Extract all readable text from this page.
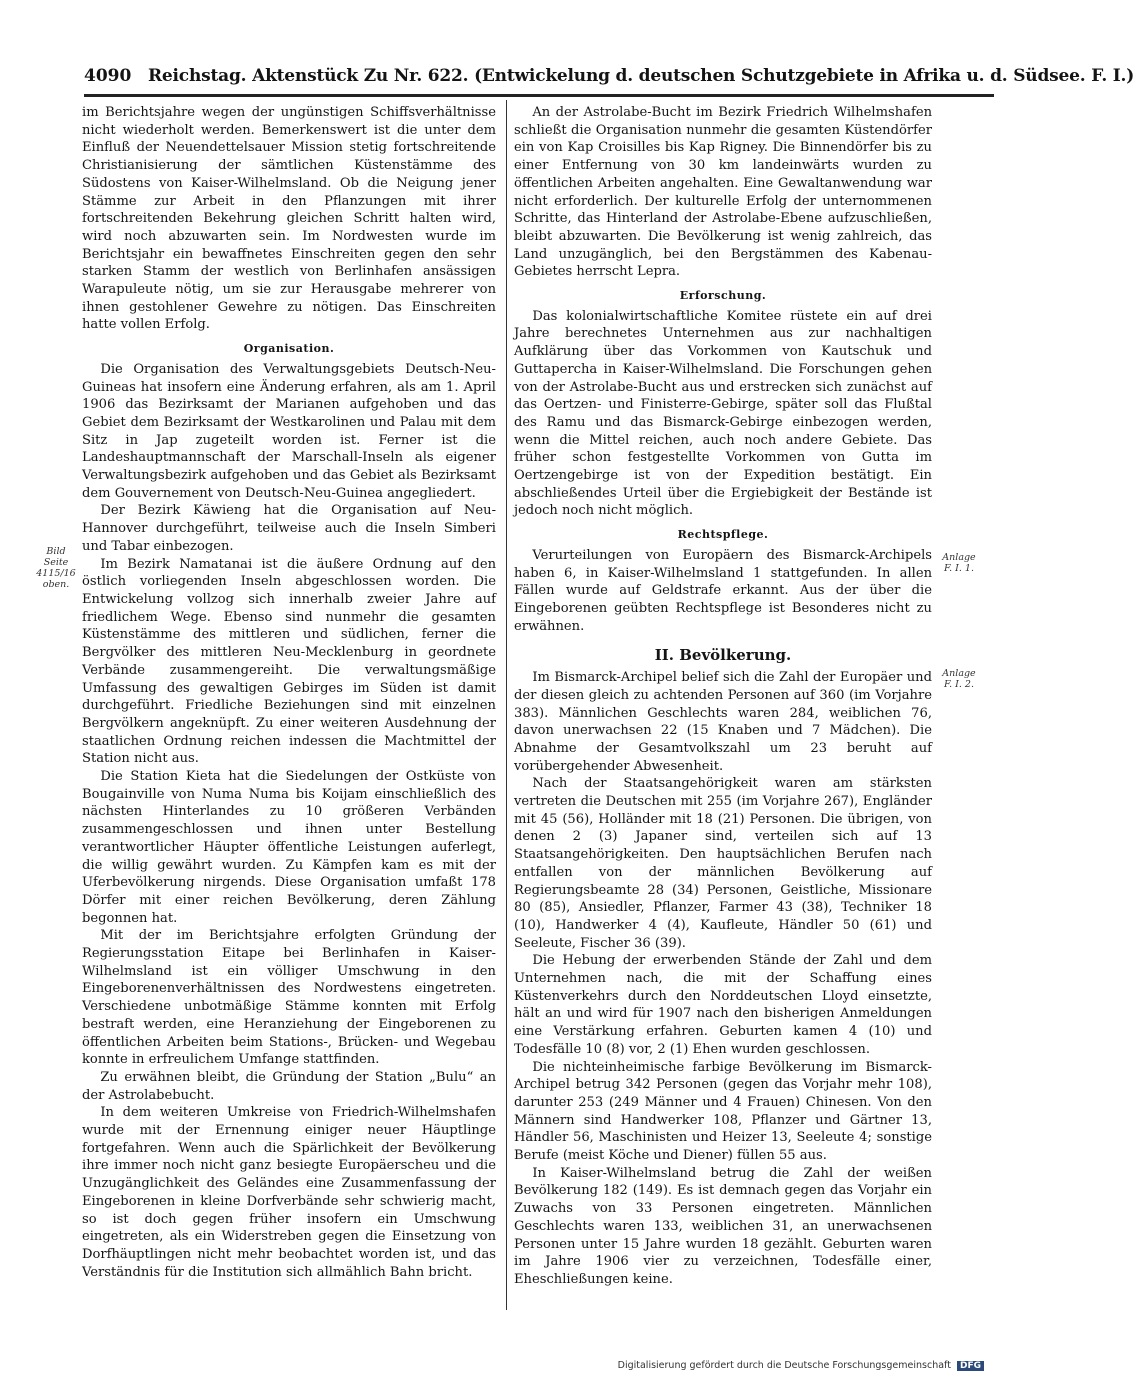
4090 Reichstag. Aktenstück Zu Nr. 622. (Entwickelung d. deutschen Schutzgebiete in Afrika u. d. Südsee. F. I.)

im Berichtsjahre wegen der ungünstigen Schiffsverhältnisse nicht wiederholt werden. Bemerkenswert ist die unter dem Einfluß der Neuendettelsauer Mission stetig fortschreitende Christianisierung der sämtlichen Küstenstämme des Südostens von Kaiser-Wilhelmsland. Ob die Neigung jener Stämme zur Arbeit in den Pflanzungen mit ihrer fortschreitenden Bekehrung gleichen Schritt halten wird, wird noch abzuwarten sein. Im Nordwesten wurde im Berichtsjahr ein bewaffnetes Einschreiten gegen den sehr starken Stamm der westlich von Berlinhafen ansässigen Warapuleute nötig, um sie zur Herausgabe mehrerer von ihnen gestohlener Gewehre zu nötigen. Das Einschreiten hatte vollen Erfolg.

Organisation.

Die Organisation des Verwaltungsgebiets Deutsch-Neu-Guineas hat insofern eine Änderung erfahren, als am 1. April 1906 das Bezirksamt der Marianen aufgehoben und das Gebiet dem Bezirksamt der Westkarolinen und Palau mit dem Sitz in Jap zugeteilt worden ist. Ferner ist die Landeshauptmannschaft der Marschall-Inseln als eigener Verwaltungsbezirk aufgehoben und das Gebiet als Bezirksamt dem Gouvernement von Deutsch-Neu-Guinea angegliedert.

Der Bezirk Käwieng hat die Organisation auf Neu-Hannover durchgeführt, teilweise auch die Inseln Simberi und Tabar einbezogen.

Im Bezirk Namatanai ist die äußere Ordnung auf den östlich vorliegenden Inseln abgeschlossen worden. Die Entwickelung vollzog sich innerhalb zweier Jahre auf friedlichem Wege. Ebenso sind nunmehr die gesamten Küstenstämme des mittleren und südlichen, ferner die Bergvölker des mittleren Neu-Mecklenburg in geordnete Verbände zusammengereiht. Die verwaltungsmäßige Umfassung des gewaltigen Gebirges im Süden ist damit durchgeführt. Friedliche Beziehungen sind mit einzelnen Bergvölkern angeknüpft. Zu einer weiteren Ausdehnung der staatlichen Ordnung reichen indessen die Machtmittel der Station nicht aus.

Die Station Kieta hat die Siedelungen der Ostküste von Bougainville von Numa Numa bis Koijam einschließlich des nächsten Hinterlandes zu 10 größeren Verbänden zusammengeschlossen und ihnen unter Bestellung verantwortlicher Häupter öffentliche Leistungen auferlegt, die willig gewährt wurden. Zu Kämpfen kam es mit der Uferbevölkerung nirgends. Diese Organisation umfaßt 178 Dörfer mit einer reichen Bevölkerung, deren Zählung begonnen hat.

Mit der im Berichtsjahre erfolgten Gründung der Regierungsstation Eitape bei Berlinhafen in Kaiser-Wilhelmsland ist ein völliger Umschwung in den Eingeborenenverhältnissen des Nordwestens eingetreten. Verschiedene unbotmäßige Stämme konnten mit Erfolg bestraft werden, eine Heranziehung der Eingeborenen zu öffentlichen Arbeiten beim Stations-, Brücken- und Wegebau konnte in erfreulichem Umfange stattfinden.

Zu erwähnen bleibt, die Gründung der Station „Bulu“ an der Astrolabebucht.

In dem weiteren Umkreise von Friedrich-Wilhelmshafen wurde mit der Ernennung einiger neuer Häuptlinge fortgefahren. Wenn auch die Spärlichkeit der Bevölkerung ihre immer noch nicht ganz besiegte Europäerscheu und die Unzugänglichkeit des Geländes eine Zusammenfassung der Eingeborenen in kleine Dorfverbände sehr schwierig macht, so ist doch gegen früher insofern ein Umschwung eingetreten, als ein Widerstreben gegen die Einsetzung von Dorfhäuptlingen nicht mehr beobachtet worden ist, und das Verständnis für die Institution sich allmählich Bahn bricht.

An der Astrolabe-Bucht im Bezirk Friedrich Wilhelmshafen schließt die Organisation nunmehr die gesamten Küstendörfer ein von Kap Croisilles bis Kap Rigney. Die Binnendörfer bis zu einer Entfernung von 30 km landeinwärts wurden zu öffentlichen Arbeiten angehalten. Eine Gewaltanwendung war nicht erforderlich. Der kulturelle Erfolg der unternommenen Schritte, das Hinterland der Astrolabe-Ebene aufzuschließen, bleibt abzuwarten. Die Bevölkerung ist wenig zahlreich, das Land unzugänglich, bei den Bergstämmen des Kabenau-Gebietes herrscht Lepra.

Erforschung.

Das kolonialwirtschaftliche Komitee rüstete ein auf drei Jahre berechnetes Unternehmen aus zur nachhaltigen Aufklärung über das Vorkommen von Kautschuk und Guttapercha in Kaiser-Wilhelmsland. Die Forschungen gehen von der Astrolabe-Bucht aus und erstrecken sich zunächst auf das Oertzen- und Finisterre-Gebirge, später soll das Flußtal des Ramu und das Bismarck-Gebirge einbezogen werden, wenn die Mittel reichen, auch noch andere Gebiete. Das früher schon festgestellte Vorkommen von Gutta im Oertzengebirge ist von der Expedition bestätigt. Ein abschließendes Urteil über die Ergiebigkeit der Bestände ist jedoch noch nicht möglich.

Rechtspflege.

Verurteilungen von Europäern des Bismarck-Archipels haben 6, in Kaiser-Wilhelmsland 1 stattgefunden. In allen Fällen wurde auf Geldstrafe erkannt. Aus der über die Eingeborenen geübten Rechtspflege ist Besonderes nicht zu erwähnen.

II. Bevölkerung.

Im Bismarck-Archipel belief sich die Zahl der Europäer und der diesen gleich zu achtenden Personen auf 360 (im Vorjahre 383). Männlichen Geschlechts waren 284, weiblichen 76, davon unerwachsen 22 (15 Knaben und 7 Mädchen). Die Abnahme der Gesamtvolkszahl um 23 beruht auf vorübergehender Abwesenheit.

Nach der Staatsangehörigkeit waren am stärksten vertreten die Deutschen mit 255 (im Vorjahre 267), Engländer mit 45 (56), Holländer mit 18 (21) Personen. Die übrigen, von denen 2 (3) Japaner sind, verteilen sich auf 13 Staatsangehörigkeiten. Den hauptsächlichen Berufen nach entfallen von der männlichen Bevölkerung auf Regierungsbeamte 28 (34) Personen, Geistliche, Missionare 80 (85), Ansiedler, Pflanzer, Farmer 43 (38), Techniker 18 (10), Handwerker 4 (4), Kaufleute, Händler 50 (61) und Seeleute, Fischer 36 (39).

Die Hebung der erwerbenden Stände der Zahl und dem Unternehmen nach, die mit der Schaffung eines Küstenverkehrs durch den Norddeutschen Lloyd einsetzte, hält an und wird für 1907 nach den bisherigen Anmeldungen eine Verstärkung erfahren. Geburten kamen 4 (10) und Todesfälle 10 (8) vor, 2 (1) Ehen wurden geschlossen.

Die nichteinheimische farbige Bevölkerung im Bismarck-Archipel betrug 342 Personen (gegen das Vorjahr mehr 108), darunter 253 (249 Männer und 4 Frauen) Chinesen. Von den Männern sind Handwerker 108, Pflanzer und Gärtner 13, Händler 56, Maschinisten und Heizer 13, Seeleute 4; sonstige Berufe (meist Köche und Diener) füllen 55 aus.

In Kaiser-Wilhelmsland betrug die Zahl der weißen Bevölkerung 182 (149). Es ist demnach gegen das Vorjahr ein Zuwachs von 33 Personen eingetreten. Männlichen Geschlechts waren 133, weiblichen 31, an unerwachsenen Personen unter 15 Jahre wurden 18 gezählt. Geburten waren im Jahre 1906 vier zu verzeichnen, Todesfälle einer, Eheschließungen keine.

Bild
Seite
4115/16
oben.
Anlage
F. I. 1.
Anlage
F. I. 2.
Digitalisierung gefördert durch die Deutsche Forschungsgemeinschaft DFG
